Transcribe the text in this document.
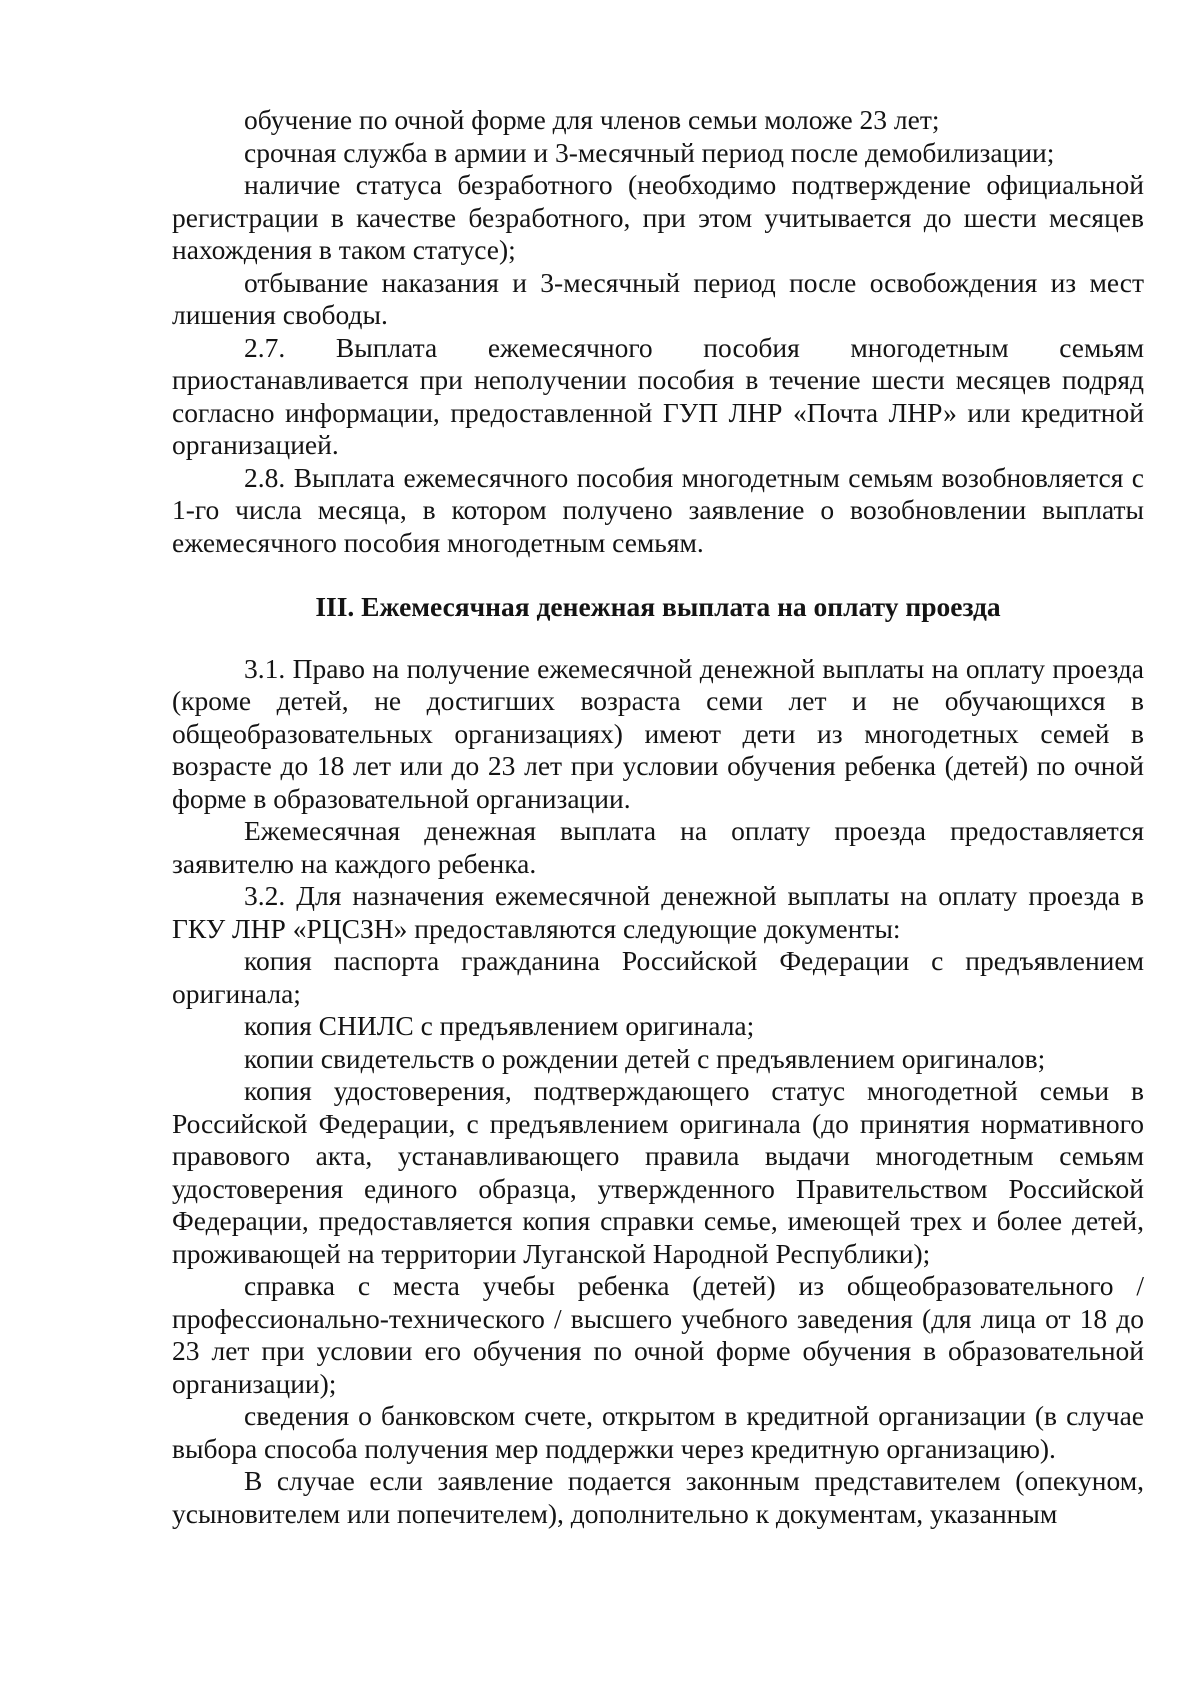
обучение по очной форме для членов семьи моложе 23 лет;

срочная служба в армии и 3-месячный период после демобилизации;

наличие статуса безработного (необходимо подтверждение официальной регистрации в качестве безработного, при этом учитывается до шести месяцев нахождения в таком статусе);

отбывание наказания и 3-месячный период после освобождения из мест лишения свободы.

2.7. Выплата ежемесячного пособия многодетным семьям приостанавливается при неполучении пособия в течение шести месяцев подряд согласно информации, предоставленной ГУП ЛНР «Почта ЛНР» или кредитной организацией.

2.8. Выплата ежемесячного пособия многодетным семьям возобновляется с 1-го числа месяца, в котором получено заявление о возобновлении выплаты ежемесячного пособия многодетным семьям.

III. Ежемесячная денежная выплата на оплату проезда

3.1. Право на получение ежемесячной денежной выплаты на оплату проезда (кроме детей, не достигших возраста семи лет и не обучающихся в общеобразовательных организациях) имеют дети из многодетных семей в возрасте до 18 лет или до 23 лет при условии обучения ребенка (детей) по очной форме в образовательной организации.

Ежемесячная денежная выплата на оплату проезда предоставляется заявителю на каждого ребенка.

3.2. Для назначения ежемесячной денежной выплаты на оплату проезда в ГКУ ЛНР «РЦСЗН» предоставляются следующие документы:

копия паспорта гражданина Российской Федерации с предъявлением оригинала;

копия СНИЛС с предъявлением оригинала;

копии свидетельств о рождении детей с предъявлением оригиналов;

копия удостоверения, подтверждающего статус многодетной семьи в Российской Федерации, с предъявлением оригинала (до принятия нормативного правового акта, устанавливающего правила выдачи многодетным семьям удостоверения единого образца, утвержденного Правительством Российской Федерации, предоставляется копия справки семье, имеющей трех и более детей, проживающей на территории Луганской Народной Республики);

справка с места учебы ребенка (детей) из общеобразовательного / профессионально-технического / высшего учебного заведения (для лица от 18 до 23 лет при условии его обучения по очной форме обучения в образовательной организации);

сведения о банковском счете, открытом в кредитной организации (в случае выбора способа получения мер поддержки через кредитную организацию).

В случае если заявление подается законным представителем (опекуном, усыновителем или попечителем), дополнительно к документам, указанным
